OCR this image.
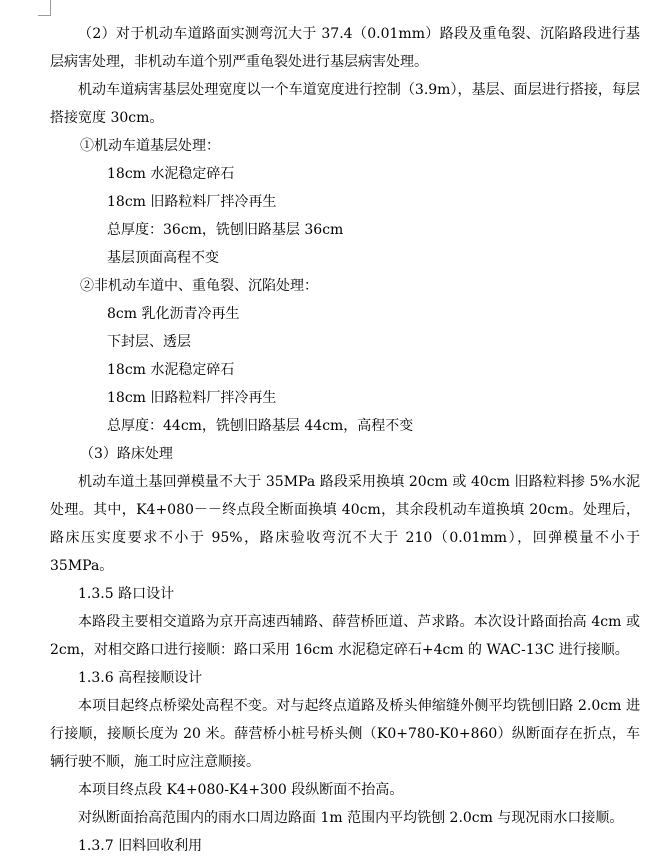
（2）对于机动车道路面实测弯沉大于 37.4（0.01mm）路段及重龟裂、沉陷路段进行基层病害处理，非机动车道个别严重龟裂处进行基层病害处理。

机动车道病害基层处理宽度以一个车道宽度进行控制（3.9m），基层、面层进行搭接，每层搭接宽度 30cm。

①机动车道基层处理：

18cm 水泥稳定碎石

18cm 旧路粒料厂拌冷再生

总厚度：36cm，铣刨旧路基层 36cm

基层顶面高程不变

②非机动车道中、重龟裂、沉陷处理：

8cm 乳化沥青冷再生

下封层、透层

18cm 水泥稳定碎石

18cm 旧路粒料厂拌冷再生

总厚度：44cm，铣刨旧路基层 44cm，高程不变

（3）路床处理

机动车道土基回弹模量不大于 35MPa 路段采用换填 20cm 或 40cm 旧路粒料掺 5%水泥处理。其中，K4+080－－终点段全断面换填 40cm，其余段机动车道换填 20cm。处理后，路床压实度要求不小于 95%，路床验收弯沉不大于 210（0.01mm），回弹模量不小于 35MPa。

1.3.5 路口设计

本路段主要相交道路为京开高速西辅路、薛营桥匝道、芦求路。本次设计路面抬高 4cm 或 2cm，对相交路口进行接顺：路口采用 16cm 水泥稳定碎石+4cm 的 WAC-13C 进行接顺。

1.3.6 高程接顺设计

本项目起终点桥梁处高程不变。对与起终点道路及桥头伸缩缝外侧平均铣刨旧路 2.0cm 进行接顺，接顺长度为 20 米。薛营桥小桩号桥头侧（K0+780-K0+860）纵断面存在折点，车辆行驶不顺，施工时应注意顺接。

本项目终点段 K4+080-K4+300 段纵断面不抬高。

对纵断面抬高范围内的雨水口周边路面 1m 范围内平均铣刨 2.0cm 与现况雨水口接顺。

1.3.7 旧料回收利用
